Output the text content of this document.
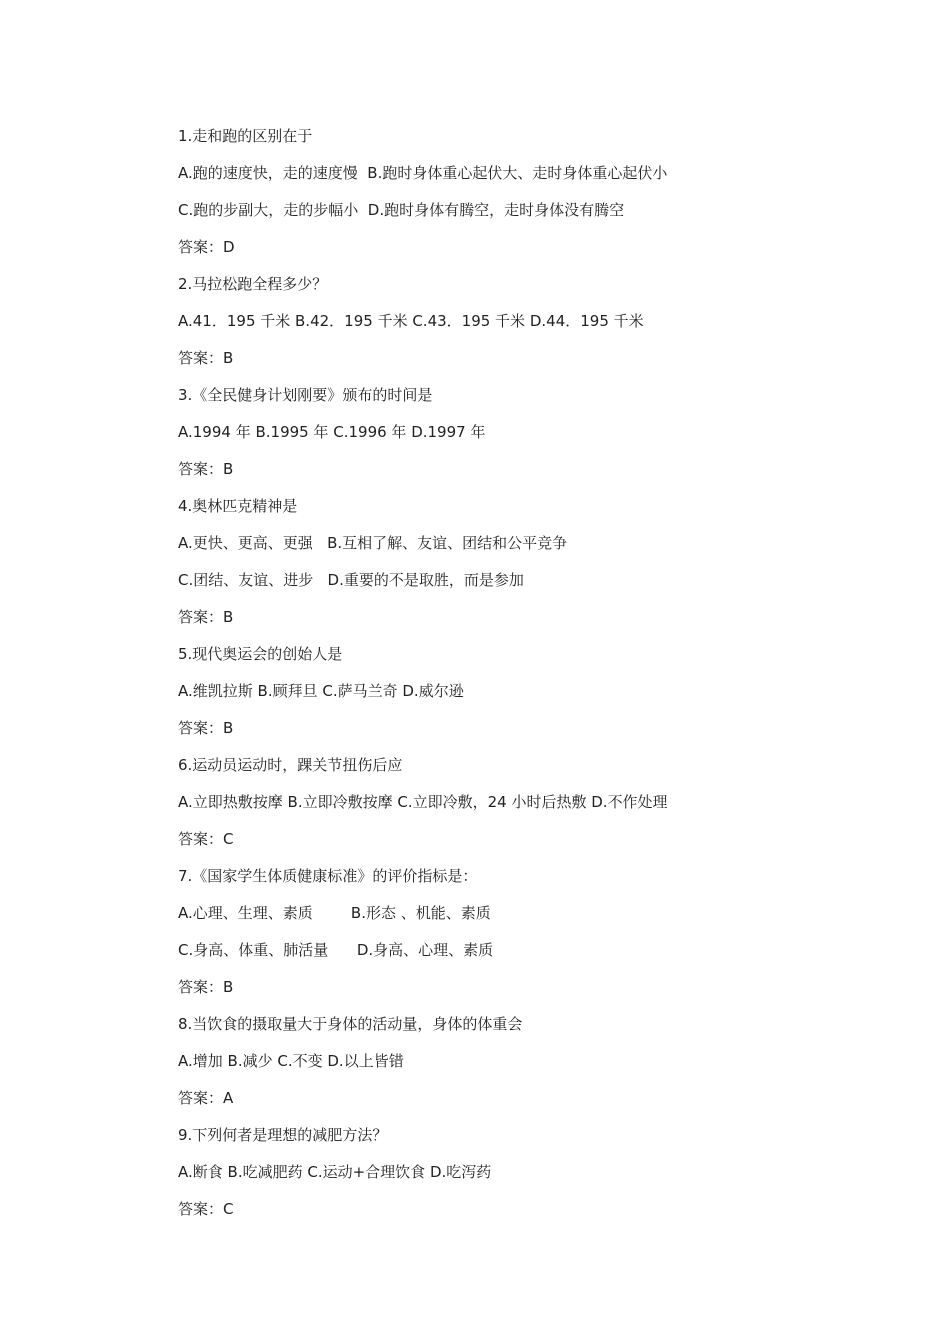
1.走和跑的区别在于
A.跑的速度快，走的速度慢  B.跑时身体重心起伏大、走时身体重心起伏小
C.跑的步副大，走的步幅小  D.跑时身体有腾空，走时身体没有腾空
答案：D
2.马拉松跑全程多少？
A.41．195 千米 B.42．195 千米 C.43．195 千米 D.44．195 千米
答案：B
3.《全民健身计划刚要》颁布的时间是
A.1994 年 B.1995 年 C.1996 年 D.1997 年
答案：B
4.奥林匹克精神是
A.更快、更高、更强   B.互相了解、友谊、团结和公平竞争
C.团结、友谊、进步   D.重要的不是取胜，而是参加
答案：B
5.现代奥运会的创始人是
A.维凯拉斯 B.顾拜旦 C.萨马兰奇 D.威尔逊
答案：B
6.运动员运动时，踝关节扭伤后应
A.立即热敷按摩 B.立即冷敷按摩 C.立即冷敷，24 小时后热敷 D.不作处理
答案：C
7.《国家学生体质健康标准》的评价指标是：
A.心理、生理、素质        B.形态 、机能、素质
C.身高、体重、肺活量      D.身高、心理、素质
答案：B
8.当饮食的摄取量大于身体的活动量，身体的体重会
A.增加 B.减少 C.不变 D.以上皆错
答案：A
9.下列何者是理想的减肥方法？
A.断食 B.吃减肥药 C.运动+合理饮食 D.吃泻药
答案：C
